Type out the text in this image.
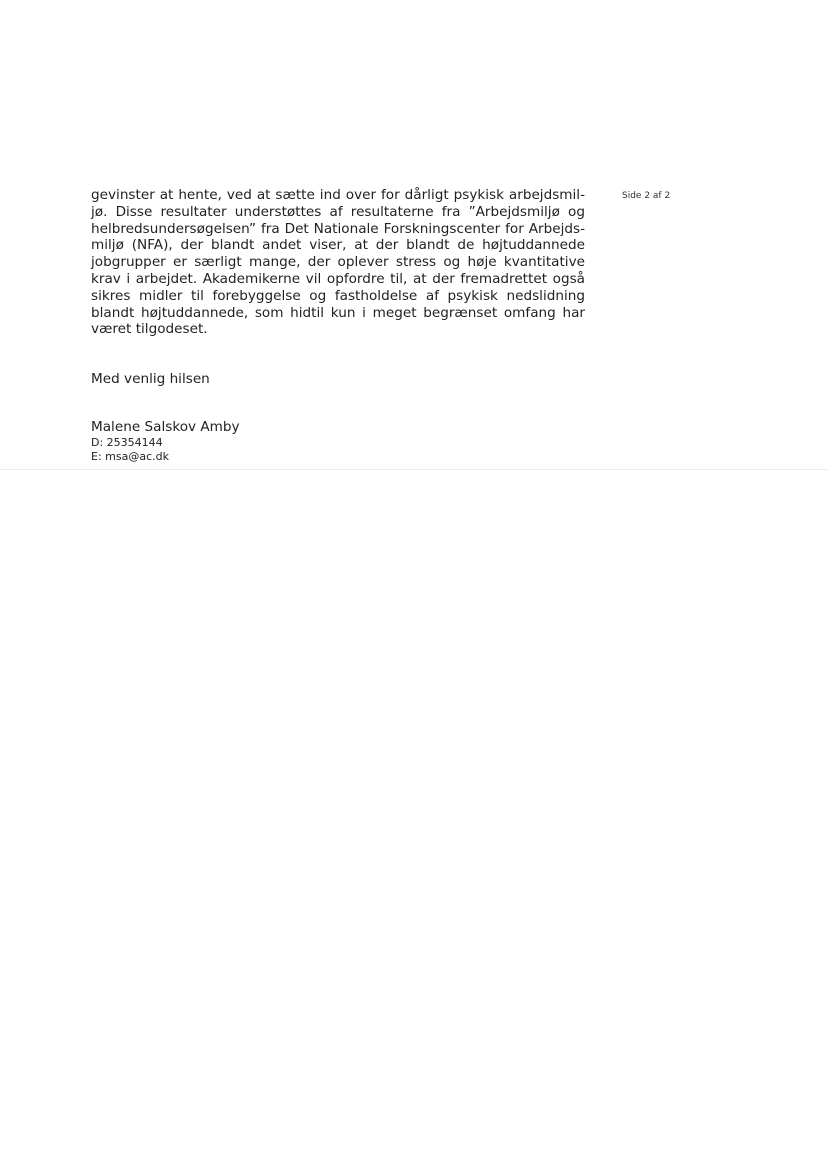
Side 2 af 2
gevinster at hente, ved at sætte ind over for dårligt psykisk arbejdsmil-
jø. Disse resultater understøttes af resultaterne fra ”Arbejdsmiljø og
helbredsundersøgelsen” fra Det Nationale Forskningscenter for Arbejds-
miljø (NFA), der blandt andet viser, at der blandt de højtuddannede
jobgrupper er særligt mange, der oplever stress og høje kvantitative
krav i arbejdet. Akademikerne vil opfordre til, at der fremadrettet også
sikres midler til forebyggelse og fastholdelse af psykisk nedslidning
blandt højtuddannede, som hidtil kun i meget begrænset omfang har
været tilgodeset.

Med venlig hilsen

Malene Salskov Amby

D: 25354144
E: msa@ac.dk
